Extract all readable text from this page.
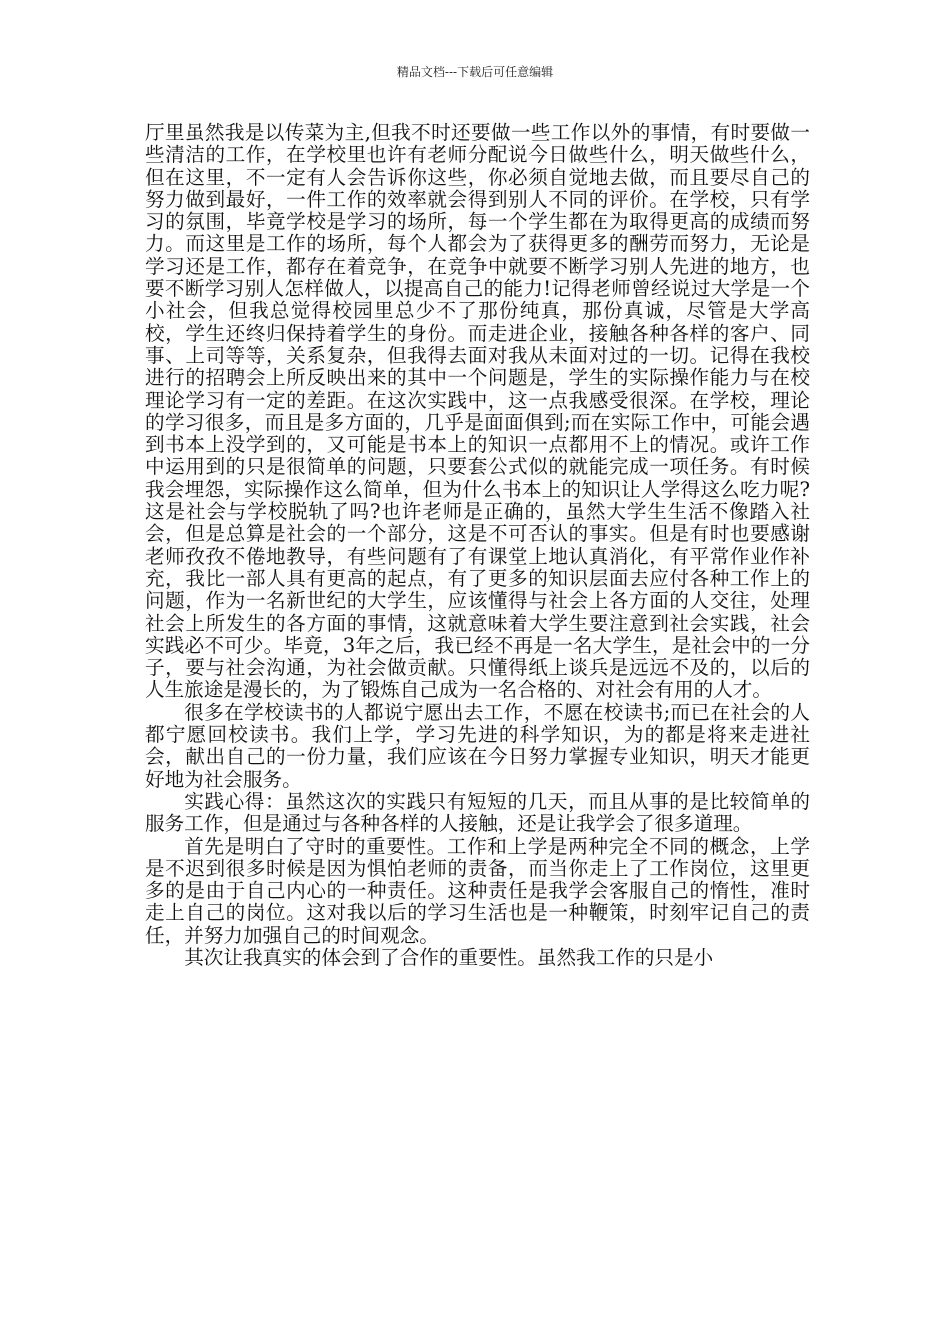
精品文档---下载后可任意编辑

厅里虽然我是以传菜为主,但我不时还要做一些工作以外的事情，有时要做一些清洁的工作，在学校里也许有老师分配说今日做些什么，明天做些什么，但在这里，不一定有人会告诉你这些，你必须自觉地去做，而且要尽自己的努力做到最好，一件工作的效率就会得到别人不同的评价。在学校，只有学习的氛围，毕竟学校是学习的场所，每一个学生都在为取得更高的成绩而努力。而这里是工作的场所，每个人都会为了获得更多的酬劳而努力，无论是学习还是工作，都存在着竞争，在竞争中就要不断学习别人先进的地方，也要不断学习别人怎样做人，以提高自己的能力!记得老师曾经说过大学是一个小社会，但我总觉得校园里总少不了那份纯真，那份真诚，尽管是大学高校，学生还终归保持着学生的身份。而走进企业，接触各种各样的客户、同事、上司等等，关系复杂，但我得去面对我从未面对过的一切。记得在我校进行的招聘会上所反映出来的其中一个问题是，学生的实际操作能力与在校理论学习有一定的差距。在这次实践中，这一点我感受很深。在学校，理论的学习很多，而且是多方面的，几乎是面面俱到;而在实际工作中，可能会遇到书本上没学到的，又可能是书本上的知识一点都用不上的情况。或许工作中运用到的只是很简单的问题，只要套公式似的就能完成一项任务。有时候我会埋怨，实际操作这么简单，但为什么书本上的知识让人学得这么吃力呢?这是社会与学校脱轨了吗?也许老师是正确的，虽然大学生生活不像踏入社会，但是总算是社会的一个部分，这是不可否认的事实。但是有时也要感谢老师孜孜不倦地教导，有些问题有了有课堂上地认真消化，有平常作业作补充，我比一部人具有更高的起点，有了更多的知识层面去应付各种工作上的问题，作为一名新世纪的大学生，应该懂得与社会上各方面的人交往，处理社会上所发生的各方面的事情，这就意味着大学生要注意到社会实践，社会实践必不可少。毕竟，3年之后，我已经不再是一名大学生，是社会中的一分子，要与社会沟通，为社会做贡献。只懂得纸上谈兵是远远不及的，以后的人生旅途是漫长的，为了锻炼自己成为一名合格的、对社会有用的人才。

很多在学校读书的人都说宁愿出去工作，不愿在校读书;而已在社会的人都宁愿回校读书。我们上学，学习先进的科学知识，为的都是将来走进社会，献出自己的一份力量，我们应该在今日努力掌握专业知识，明天才能更好地为社会服务。

实践心得：虽然这次的实践只有短短的几天，而且从事的是比较简单的服务工作，但是通过与各种各样的人接触，还是让我学会了很多道理。

首先是明白了守时的重要性。工作和上学是两种完全不同的概念，上学是不迟到很多时候是因为惧怕老师的责备，而当你走上了工作岗位，这里更多的是由于自己内心的一种责任。这种责任是我学会客服自己的惰性，准时走上自己的岗位。这对我以后的学习生活也是一种鞭策，时刻牢记自己的责任，并努力加强自己的时间观念。

其次让我真实的体会到了合作的重要性。虽然我工作的只是小
